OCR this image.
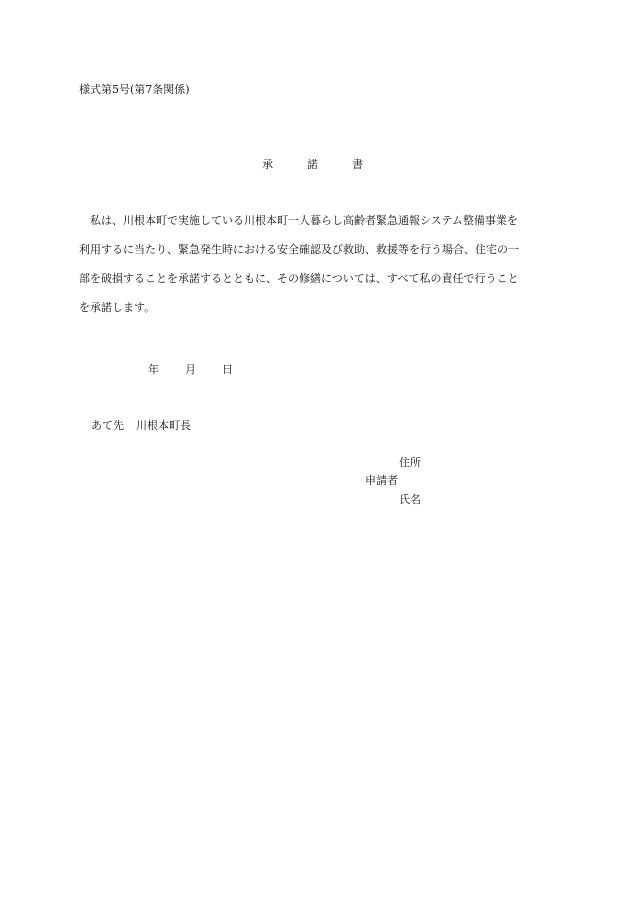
様式第5号(第7条関係)
承	諾	書
　私は、川根本町で実施している川根本町一人暮らし高齢者緊急通報システム整備事業を
利用するに当たり、緊急発生時における安全確認及び救助、救援等を行う場合、住宅の一
部を破損することを承諾するとともに、その修繕については、すべて私の責任で行うこと
を承諾します。
年 月 日
あて先 川根本町長
住所
申請者
氏名
